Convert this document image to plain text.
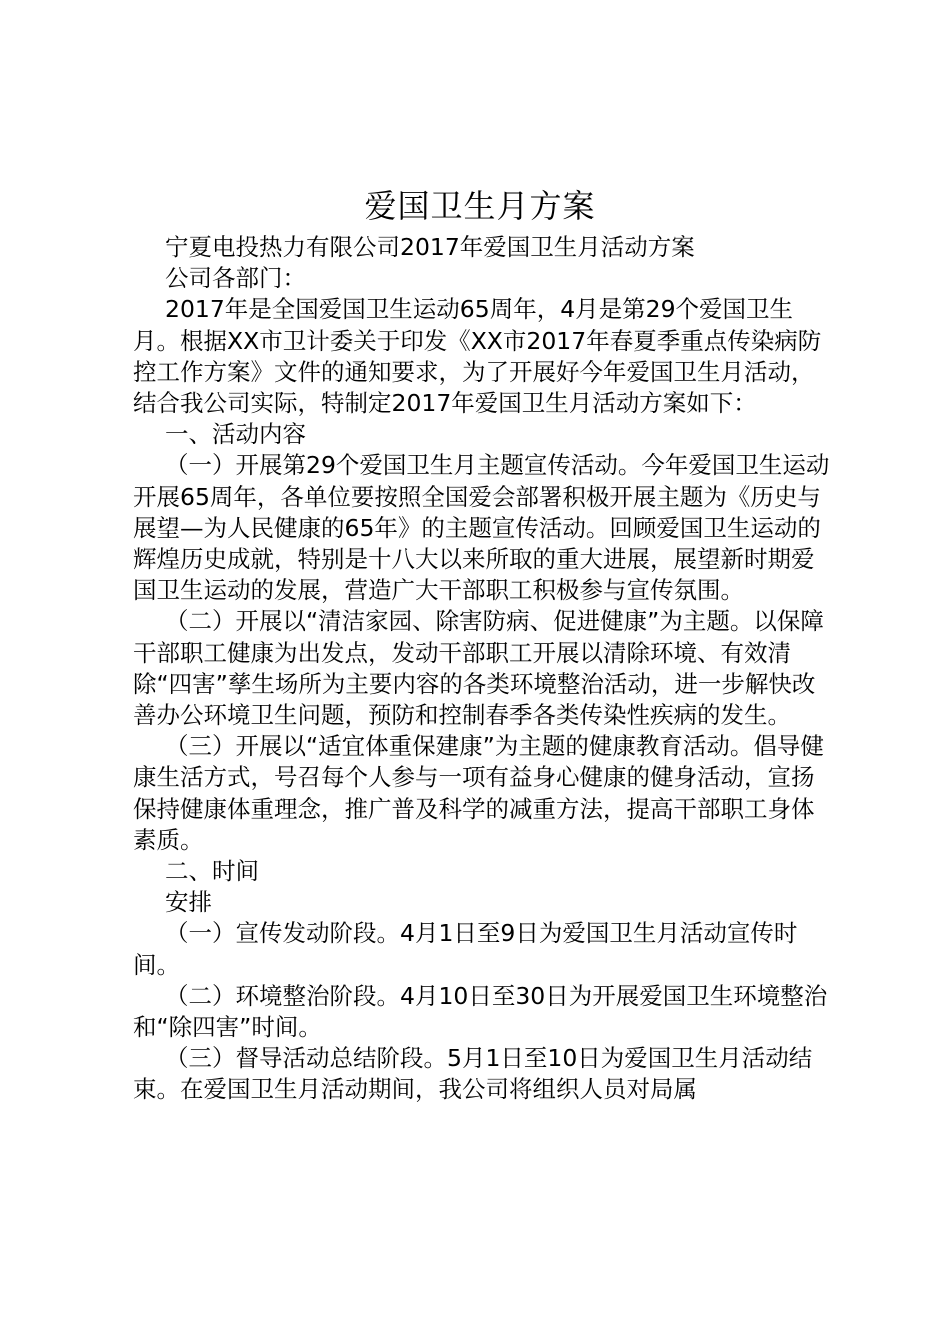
爱国卫生月方案

宁夏电投热力有限公司2017年爱国卫生月活动方案

公司各部门：

2017年是全国爱国卫生运动65周年，4月是第29个爱国卫生月。根据XX市卫计委关于印发《XX市2017年春夏季重点传染病防控工作方案》文件的通知要求，为了开展好今年爱国卫生月活动，结合我公司实际，特制定2017年爱国卫生月活动方案如下：

一、活动内容

（一）开展第29个爱国卫生月主题宣传活动。今年爱国卫生运动开展65周年，各单位要按照全国爱会部署积极开展主题为《历史与展望—为人民健康的65年》的主题宣传活动。回顾爱国卫生运动的辉煌历史成就，特别是十八大以来所取的重大进展，展望新时期爱国卫生运动的发展，营造广大干部职工积极参与宣传氛围。

（二）开展以“清洁家园、除害防病、促进健康”为主题。以保障干部职工健康为出发点，发动干部职工开展以清除环境、有效清除“四害”孳生场所为主要内容的各类环境整治活动，进一步解快改善办公环境卫生问题，预防和控制春季各类传染性疾病的发生。

（三）开展以“适宜体重保建康”为主题的健康教育活动。倡导健康生活方式，号召每个人参与一项有益身心健康的健身活动，宣扬保持健康体重理念，推广普及科学的减重方法，提高干部职工身体素质。

二、时间

安排

（一）宣传发动阶段。4月1日至9日为爱国卫生月活动宣传时间。

（二）环境整治阶段。4月10日至30日为开展爱国卫生环境整治和“除四害”时间。

（三）督导活动总结阶段。5月1日至10日为爱国卫生月活动结束。在爱国卫生月活动期间，我公司将组织人员对局属
